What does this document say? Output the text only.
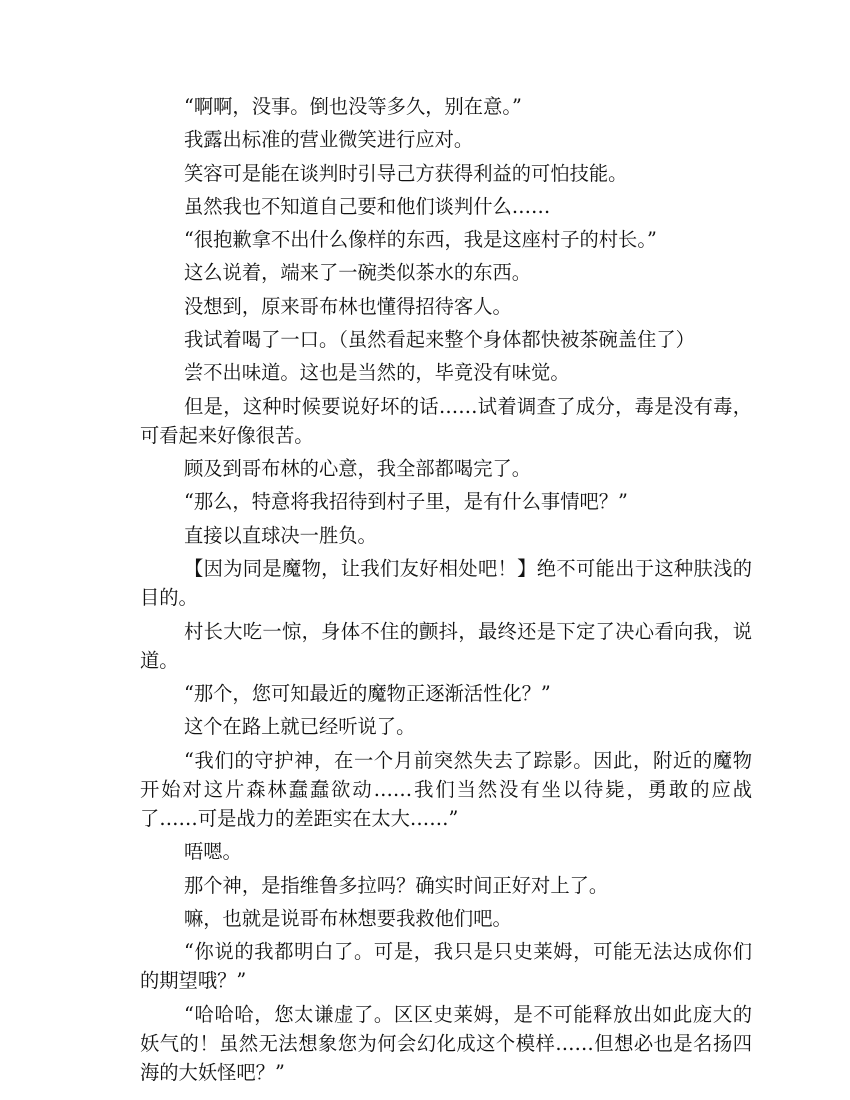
“啊啊，没事。倒也没等多久，别在意。”

我露出标准的营业微笑进行应对。

笑容可是能在谈判时引导己方获得利益的可怕技能。

虽然我也不知道自己要和他们谈判什么……

“很抱歉拿不出什么像样的东西，我是这座村子的村长。”

这么说着，端来了一碗类似茶水的东西。

没想到，原来哥布林也懂得招待客人。

我试着喝了一口。（虽然看起来整个身体都快被茶碗盖住了）

尝不出味道。这也是当然的，毕竟没有味觉。

但是，这种时候要说好坏的话……试着调查了成分，毒是没有毒，可看起来好像很苦。

顾及到哥布林的心意，我全部都喝完了。

“那么，特意将我招待到村子里，是有什么事情吧？”

直接以直球决一胜负。

【因为同是魔物，让我们友好相处吧！】绝不可能出于这种肤浅的目的。

村长大吃一惊，身体不住的颤抖，最终还是下定了决心看向我，说道。

“那个，您可知最近的魔物正逐渐活性化？”

这个在路上就已经听说了。

“我们的守护神，在一个月前突然失去了踪影。因此，附近的魔物开始对这片森林蠢蠢欲动……我们当然没有坐以待毙，勇敢的应战了……可是战力的差距实在太大……”

唔嗯。

那个神，是指维鲁多拉吗？确实时间正好对上了。

嘛，也就是说哥布林想要我救他们吧。

“你说的我都明白了。可是，我只是只史莱姆，可能无法达成你们的期望哦？”

“哈哈哈，您太谦虚了。区区史莱姆，是不可能释放出如此庞大的妖气的！虽然无法想象您为何会幻化成这个模样……但想必也是名扬四海的大妖怪吧？”
